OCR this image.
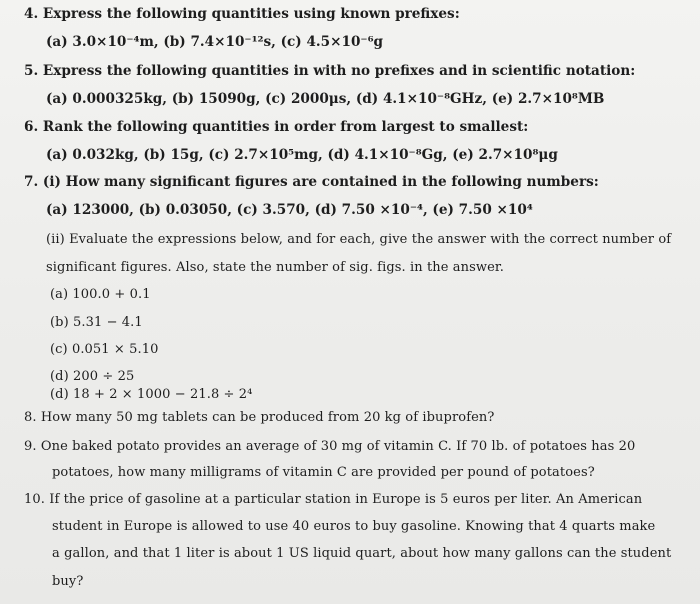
4. Express the following quantities using known prefixes:
(a) 3.0×10⁻⁴m, (b) 7.4×10⁻¹²s, (c) 4.5×10⁻⁶g
5. Express the following quantities in with no prefixes and in scientific notation:
(a) 0.000325kg, (b) 15090g, (c) 2000μs, (d) 4.1×10⁻⁸GHz, (e) 2.7×10⁸MB
6. Rank the following quantities in order from largest to smallest:
(a) 0.032kg, (b) 15g, (c) 2.7×10⁵mg, (d) 4.1×10⁻⁸Gg, (e) 2.7×10⁸μg
7. (i) How many significant figures are contained in the following numbers:
(a) 123000, (b) 0.03050, (c) 3.570, (d) 7.50 ×10⁻⁴, (e) 7.50 ×10⁴
(ii) Evaluate the expressions below, and for each, give the answer with the correct number of
significant figures. Also, state the number of sig. figs. in the answer.
(a) 100.0 + 0.1
(b) 5.31 − 4.1
(c) 0.051 × 5.10
(d) 200 ÷ 25
(d) 18 + 2 × 1000 − 21.8 ÷ 2⁴
8. How many 50 mg tablets can be produced from 20 kg of ibuprofen?
9. One baked potato provides an average of 30 mg of vitamin C. If 70 lb. of potatoes has 20
potatoes, how many milligrams of vitamin C are provided per pound of potatoes?
10. If the price of gasoline at a particular station in Europe is 5 euros per liter. An American
student in Europe is allowed to use 40 euros to buy gasoline. Knowing that 4 quarts make
a gallon, and that 1 liter is about 1 US liquid quart, about how many gallons can the student
buy?
